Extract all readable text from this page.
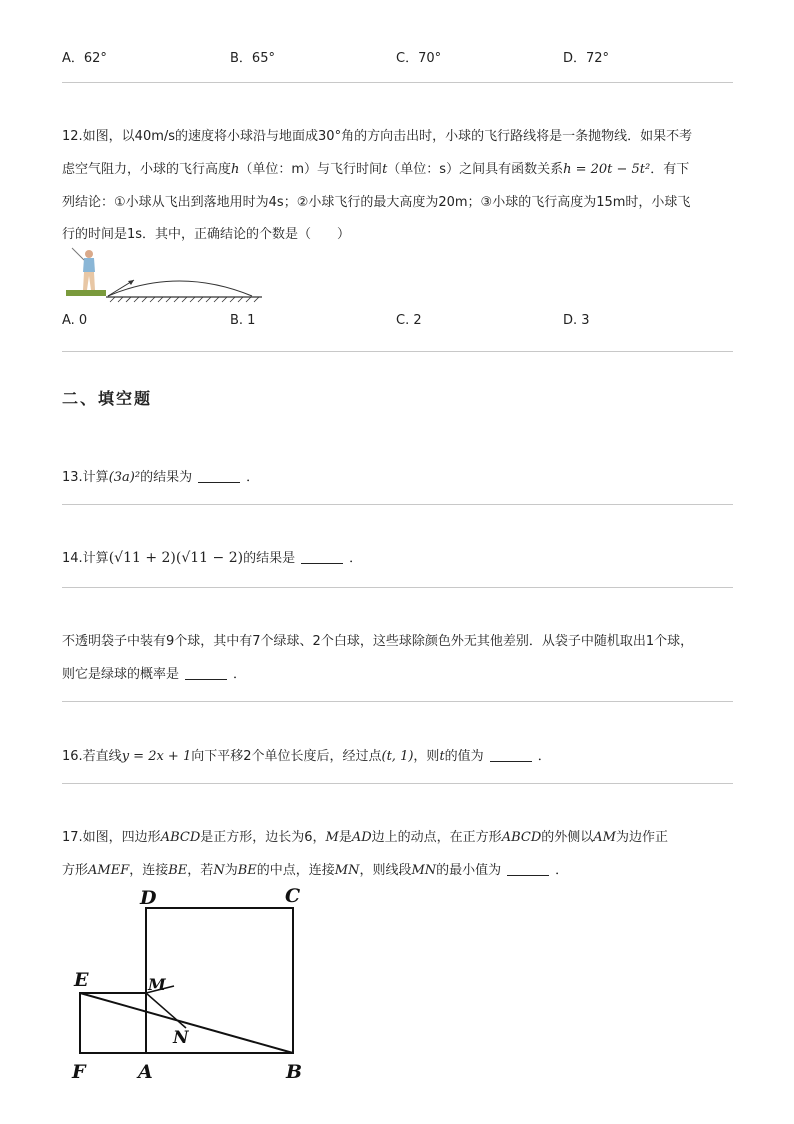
A．62°	B．65°	C．70°	D．72°
12.如图，以40m/s的速度将小球沿与地面成30°角的方向击出时，小球的飞行路线将是一条抛物线．如果不考
虑空气阻力，小球的飞行高度h（单位：m）与飞行时间t（单位：s）之间具有函数关系h = 20t − 5t²．有下
列结论：①小球从飞出到落地用时为4s；②小球飞行的最大高度为20m；③小球的飞行高度为15m时，小球飞
行的时间是1s．其中，正确结论的个数是（　　）
A. 0	B. 1	C. 2	D. 3
二、填空题
13.计算(3a)²的结果为	．
14.计算(√11 + 2)(√11 − 2)的结果是	．
不透明袋子中装有9个球，其中有7个绿球、2个白球，这些球除颜色外无其他差别．从袋子中随机取出1个球，
则它是绿球的概率是	．
16.若直线y = 2x + 1向下平移2个单位长度后，经过点(t, 1)，则t的值为	．
17.如图，四边形ABCD是正方形，边长为6，M是AD边上的动点，在正方形ABCD的外侧以AM为边作正
方形AMEF，连接BE，若N为BE的中点，连接MN，则线段MN的最小值为	．
D	C
E	M
N
F	A	B
